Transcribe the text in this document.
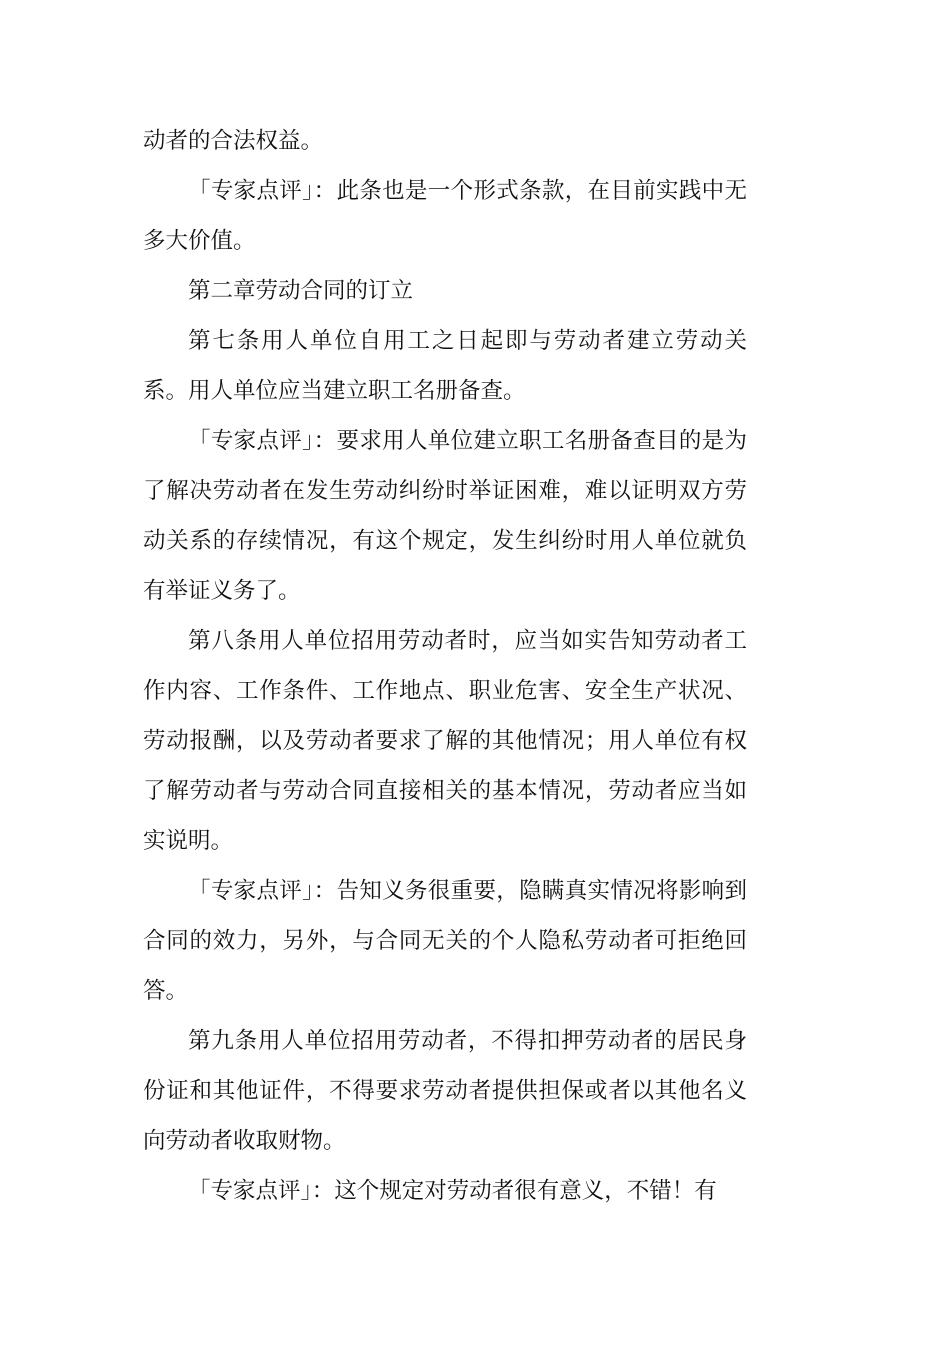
动者的合法权益。

「专家点评」：此条也是一个形式条款，在目前实践中无多大价值。

第二章劳动合同的订立

第七条用人单位自用工之日起即与劳动者建立劳动关系。用人单位应当建立职工名册备查。

「专家点评」：要求用人单位建立职工名册备查目的是为了解决劳动者在发生劳动纠纷时举证困难，难以证明双方劳动关系的存续情况，有这个规定，发生纠纷时用人单位就负有举证义务了。

第八条用人单位招用劳动者时，应当如实告知劳动者工作内容、工作条件、工作地点、职业危害、安全生产状况、劳动报酬，以及劳动者要求了解的其他情况；用人单位有权了解劳动者与劳动合同直接相关的基本情况，劳动者应当如实说明。

「专家点评」：告知义务很重要，隐瞒真实情况将影响到合同的效力，另外，与合同无关的个人隐私劳动者可拒绝回答。

第九条用人单位招用劳动者，不得扣押劳动者的居民身份证和其他证件，不得要求劳动者提供担保或者以其他名义向劳动者收取财物。

「专家点评」：这个规定对劳动者很有意义，不错！有
